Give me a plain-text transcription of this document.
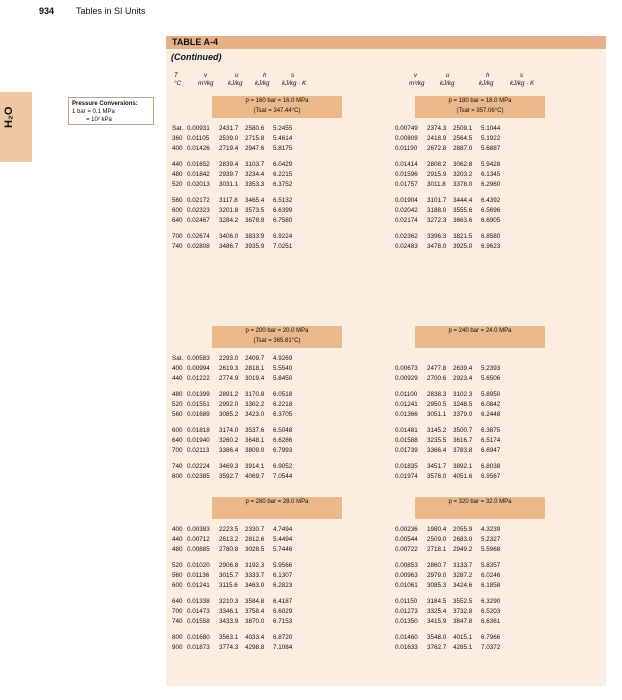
934 Tables in SI Units
H₂O
TABLE A-4
(Continued)
T
°C
v
m³/kg
u
kJ/kg
h
kJ/kg
s
kJ/kg · K
v
m³/kg
u
kJ/kg
h
kJ/kg
s
kJ/kg · K
Pressure Conversions:
1 bar = 0.1 MPa
= 10² kPa
p = 160 bar = 16.0 MPa
(Tsat = 347.44°C)
Sat. 0.00931	2431.7	2580.6	5.2455
360 0.01105	2539.0	2715.8	5.4614
400 0.01426	2719.4	2947.6	5.8175
440 0.01652	2839.4	3103.7	6.0429
480 0.01842	2939.7	3234.4	6.2215
520 0.02013	3031.1	3353.3	6.3752
560 0.02172	3117.8	3465.4	6.5132
600 0.02323	3201.8	3573.5	6.6399
640 0.02467	3284.2	3678.9	6.7580
700 0.02674	3406.0	3833.9	6.9224
740 0.02808	3486.7	3935.9	7.0251
p = 180 bar = 18.0 MPa
(Tsat = 357.06°C)
0.00749	2374.3	2509.1	5.1044
0.00809	2418.9	2564.5	5.1922
0.01190	2672.8	2887.0	5.6887
0.01414	2808.2	3062.8	5.9428
0.01596	2915.9	3203.2	6.1345
0.01757	3011.8	3378.0	6.2960
0.01904	3101.7	3444.4	6.4392
0.02042	3188.0	3555.6	6.5696
0.02174	3272.3	3663.6	6.6905
0.02362	3396.3	3821.5	6.8580
0.02483	3478.0	3925.0	6.9623
p = 200 bar = 20.0 MPa
(Tsat = 365.81°C)
Sat. 0.00583	2293.0	2409.7	4.9269
400 0.00994	2619.3	2818.1	5.5540
440 0.01222	2774.9	3019.4	5.8450
480 0.01399	2891.2	3170.8	6.0518
520 0.01551	2992.0	3302.2	6.2218
560 0.01689	3085.2	3423.0	6.3705
600 0.01818	3174.0	3537.6	6.5048
640 0.01940	3260.2	3648.1	6.6286
700 0.02113	3386.4	3809.0	6.7993
740 0.02224	3469.3	3914.1	6.9052
800 0.02385	3592.7	4069.7	7.0544
p = 240 bar = 24.0 MPa
0.00673	2477.8	2639.4	5.2393
0.00929	2700.6	2923.4	5.6506
0.01100	2838.3	3102.3	5.8950
0.01241	2950.5	3248.5	6.0842
0.01366	3051.1	3379.0	6.2448
0.01481	3145.2	3500.7	6.3875
0.01588	3235.5	3616.7	6.5174
0.01739	3366.4	3783.8	6.6947
0.01835	3451.7	3892.1	6.8038
0.01974	3578.0	4051.6	6.9567
p = 280 bar = 28.0 MPa
400 0.00383	2223.5	2330.7	4.7494
440 0.00712	2613.2	2812.6	5.4494
480 0.00885	2780.8	3028.5	5.7446
520 0.01020	2906.8	3192.3	5.9566
560 0.01136	3015.7	3333.7	6.1307
600 0.01241	3115.6	3463.0	6.2823
640 0.01338	3210.3	3584.8	6.4187
700 0.01473	3346.1	3758.4	6.6029
740 0.01558	3433.9	3870.0	6.7153
800 0.01680	3563.1	4033.4	6.8720
900 0.01873	3774.3	4298.8	7.1084
p = 320 bar = 32.0 MPa
0.00236	1980.4	2055.9	4.3239
0.00544	2509.0	2683.0	5.2327
0.00722	2718.1	2949.2	5.5968
0.00853	2860.7	3133.7	5.8357
0.00963	2979.0	3287.2	6.0246
0.01061	3085.3	3424.6	6.1858
0.01150	3184.5	3552.5	6.3290
0.01273	3325.4	3732.8	6.5203
0.01350	3415.9	3847.8	6.6361
0.01460	3548.0	4015.1	6.7966
0.01633	3762.7	4285.1	7.0372
